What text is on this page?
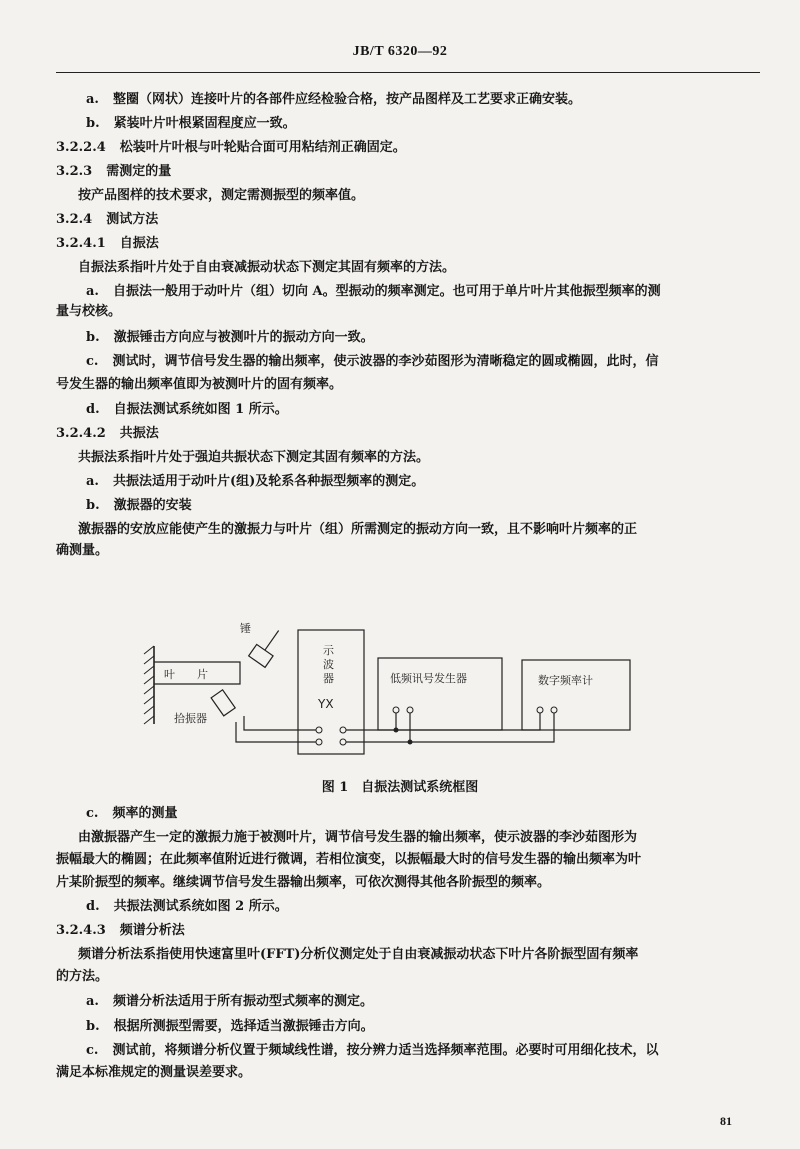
JB/T 6320—92
a. 整圈（网状）连接叶片的各部件应经检验合格，按产品图样及工艺要求正确安装。
b. 紧装叶片叶根紧固程度应一致。
3.2.2.4 松装叶片叶根与叶轮贴合面可用粘结剂正确固定。
3.2.3 需测定的量
按产品图样的技术要求，测定需测振型的频率值。
3.2.4 测试方法
3.2.4.1 自振法
自振法系指叶片处于自由衰减振动状态下测定其固有频率的方法。
a. 自振法一般用于动叶片（组）切向 A。型振动的频率测定。也可用于单片叶片其他振型频率的测
量与校核。
b. 激振锤击方向应与被测叶片的振动方向一致。
c. 测试时，调节信号发生器的输出频率，使示波器的李沙茹图形为清晰稳定的圆或椭圆，此时，信
号发生器的输出频率值即为被测叶片的固有频率。
d. 自振法测试系统如图 1 所示。
3.2.4.2 共振法
共振法系指叶片处于强迫共振状态下测定其固有频率的方法。
a. 共振法适用于动叶片(组)及轮系各种振型频率的测定。
b. 激振器的安装
激振器的安放应能使产生的激振力与叶片（组）所需测定的振动方向一致，且不影响叶片频率的正
确测量。
叶　　片
锤
拾振器
示
波
器
YX
低频讯号发生器	数字频率计
图 1　自振法测试系统框图
c. 频率的测量
由激振器产生一定的激振力施于被测叶片，调节信号发生器的输出频率，使示波器的李沙茹图形为
振幅最大的椭圆；在此频率值附近进行微调，若相位演变，以振幅最大时的信号发生器的输出频率为叶
片某阶振型的频率。继续调节信号发生器输出频率，可依次测得其他各阶振型的频率。
d. 共振法测试系统如图 2 所示。
3.2.4.3 频谱分析法
频谱分析法系指使用快速富里叶(FFT)分析仪测定处于自由衰减振动状态下叶片各阶振型固有频率
的方法。
a. 频谱分析法适用于所有振动型式频率的测定。
b. 根据所测振型需要，选择适当激振锤击方向。
c. 测试前，将频谱分析仪置于频域线性谱，按分辨力适当选择频率范围。必要时可用细化技术，以
满足本标准规定的测量误差要求。
81
